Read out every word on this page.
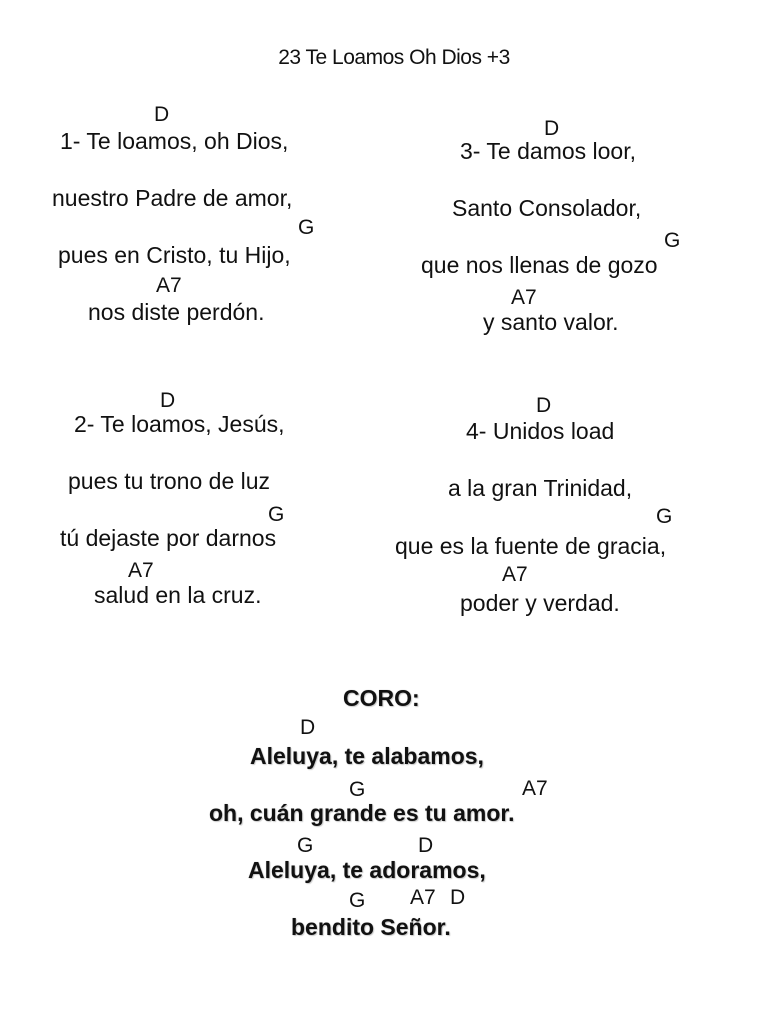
23 Te Loamos Oh Dios +3
D
1- Te loamos, oh Dios,
nuestro Padre de amor,
G
pues en Cristo, tu Hijo,
A7
nos diste perdón.
D
2- Te loamos, Jesús,
pues tu trono de luz
G
tú dejaste por darnos
A7
salud en la cruz.
D
3- Te damos loor,
Santo Consolador,
G
que nos llenas de gozo
A7
y santo valor.
D
4- Unidos load
a la gran Trinidad,
G
que es la fuente de gracia,
A7
poder y verdad.
CORO:
D
Aleluya, te alabamos,
G	A7
oh, cuán grande es tu amor.
G	D
Aleluya, te adoramos,
G A7 D
bendito Señor.
